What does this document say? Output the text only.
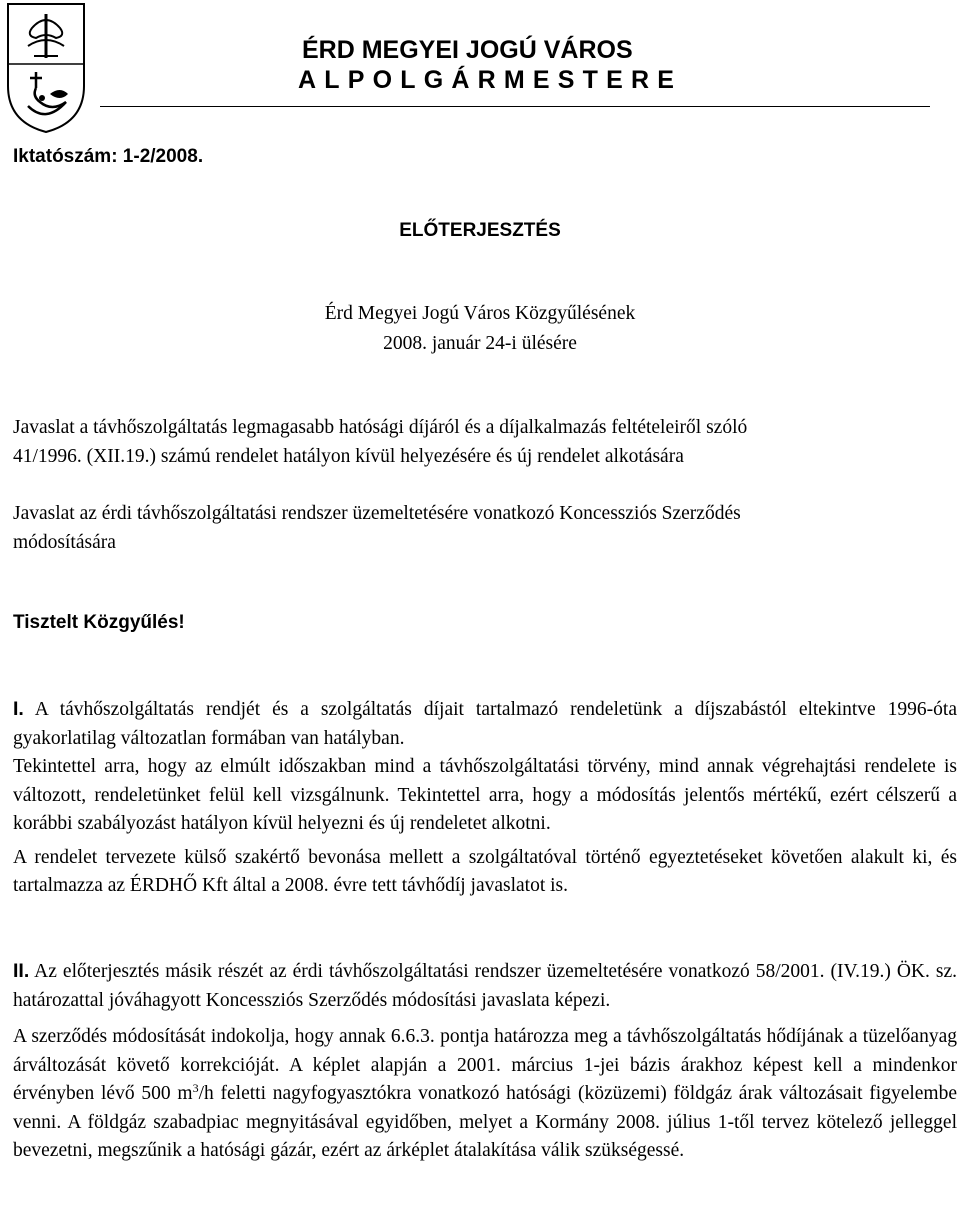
ÉRD MEGYEI JOGÚ VÁROS
ALPOLGÁRMESTERE
Iktatószám: 1-2/2008.
ELŐTERJESZTÉS
Érd Megyei Jogú Város Közgyűlésének
2008. január 24-i ülésére
Javaslat a távhőszolgáltatás legmagasabb hatósági díjáról és a díjalkalmazás feltételeiről szóló
41/1996. (XII.19.) számú rendelet hatályon kívül helyezésére és új rendelet alkotására
Javaslat az érdi távhőszolgáltatási rendszer üzemeltetésére vonatkozó Koncessziós Szerződés
módosítására
Tisztelt Közgyűlés!

I. A távhőszolgáltatás rendjét és a szolgáltatás díjait tartalmazó rendeletünk a díjszabástól eltekintve 1996-óta gyakorlatilag változatlan formában van hatályban.

Tekintettel arra, hogy az elmúlt időszakban mind a távhőszolgáltatási törvény, mind annak végrehajtási rendelete is változott, rendeletünket felül kell vizsgálnunk. Tekintettel arra, hogy a módosítás jelentős mértékű, ezért célszerű a korábbi szabályozást hatályon kívül helyezni és új rendeletet alkotni.

A rendelet tervezete külső szakértő bevonása mellett a szolgáltatóval történő egyeztetéseket követően alakult ki, és tartalmazza az ÉRDHŐ Kft által a 2008. évre tett távhődíj javaslatot is.

II. Az előterjesztés másik részét az érdi távhőszolgáltatási rendszer üzemeltetésére vonatkozó 58/2001. (IV.19.) ÖK. sz. határozattal jóváhagyott Koncessziós Szerződés módosítási javaslata képezi.

A szerződés módosítását indokolja, hogy annak 6.6.3. pontja határozza meg a távhőszolgáltatás hődíjának a tüzelőanyag árváltozását követő korrekcióját. A képlet alapján a 2001. március 1-jei bázis árakhoz képest kell a mindenkor érvényben lévő 500 $m^3/h$ feletti nagyfogyasztókra vonatkozó hatósági (közüzemi) földgáz árak változásait figyelembe venni. A földgáz szabadpiac megnyitásával egyidőben, melyet a Kormány 2008. július 1-től tervez kötelező jelleggel bevezetni, megszűnik a hatósági gázár, ezért az árképlet átalakítása válik szükségessé.
